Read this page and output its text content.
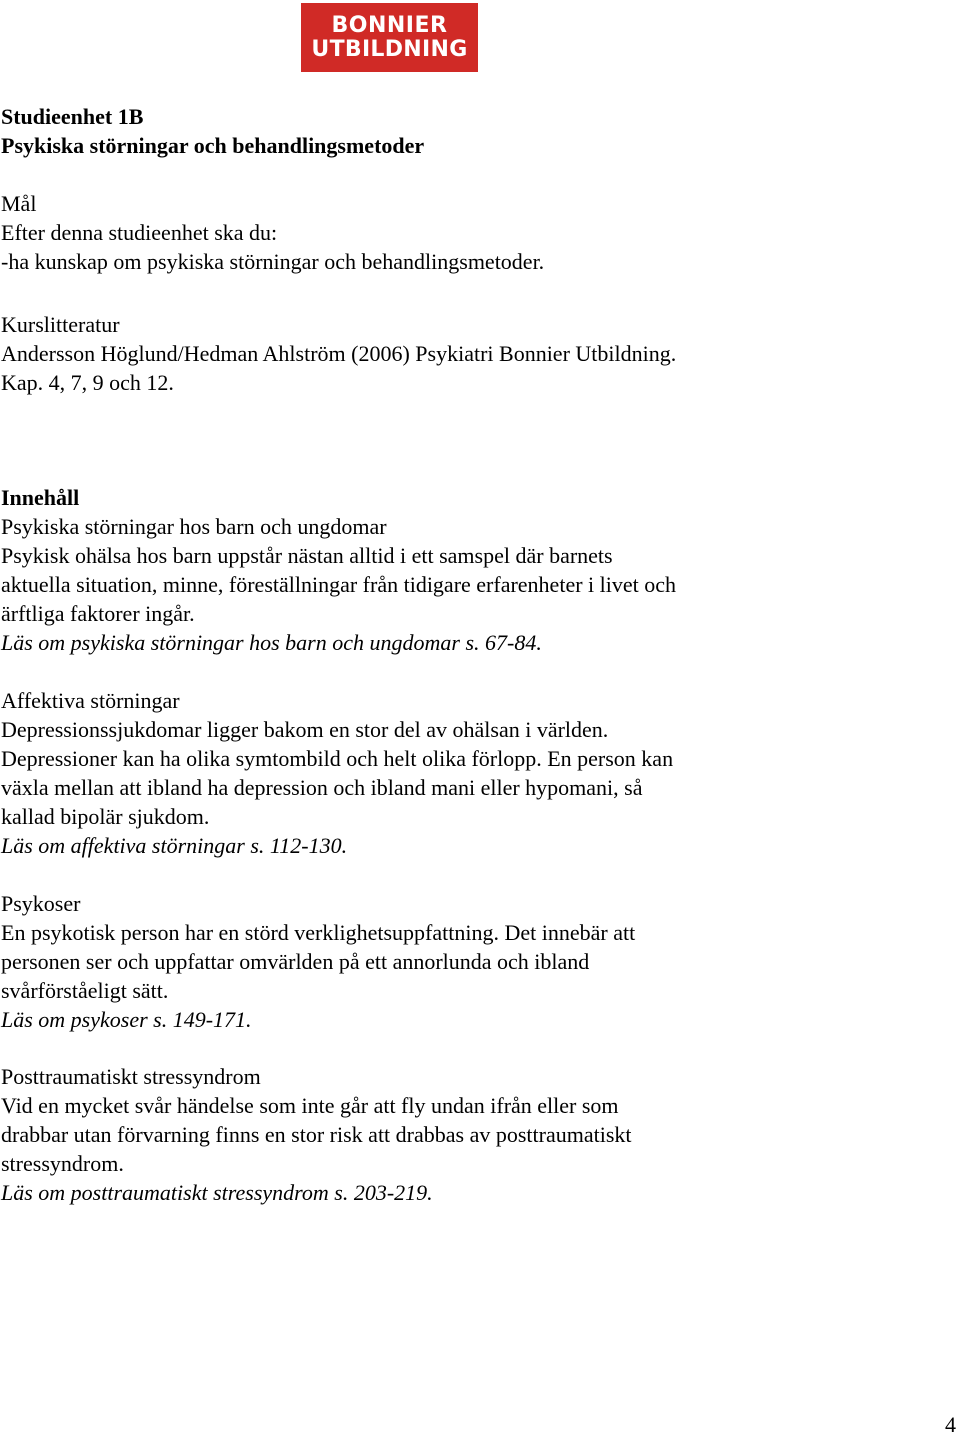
BONNIER
UTBILDNING
Studieenhet 1B
Psykiska störningar och behandlingsmetoder
Mål
Efter denna studieenhet ska du:
-ha kunskap om psykiska störningar och behandlingsmetoder.
Kurslitteratur
Andersson Höglund/Hedman Ahlström (2006) Psykiatri Bonnier Utbildning.
Kap. 4, 7, 9 och 12.
Innehåll
Psykiska störningar hos barn och ungdomar
Psykisk ohälsa hos barn uppstår nästan alltid i ett samspel där barnets
aktuella situation, minne, föreställningar från tidigare erfarenheter i livet och
ärftliga faktorer ingår.
Läs om psykiska störningar hos barn och ungdomar s. 67-84.
Affektiva störningar
Depressionssjukdomar ligger bakom en stor del av ohälsan i världen.
Depressioner kan ha olika symtombild och helt olika förlopp. En person kan
växla mellan att ibland ha depression och ibland mani eller hypomani, så
kallad bipolär sjukdom.
Läs om affektiva störningar s. 112-130.
Psykoser
En psykotisk person har en störd verklighetsuppfattning. Det innebär att
personen ser och uppfattar omvärlden på ett annorlunda och ibland
svårförståeligt sätt.
Läs om psykoser s. 149-171.
Posttraumatiskt stressyndrom
Vid en mycket svår händelse som inte går att fly undan ifrån eller som
drabbar utan förvarning finns en stor risk att drabbas av posttraumatiskt
stressyndrom.
Läs om posttraumatiskt stressyndrom s. 203-219.
4
